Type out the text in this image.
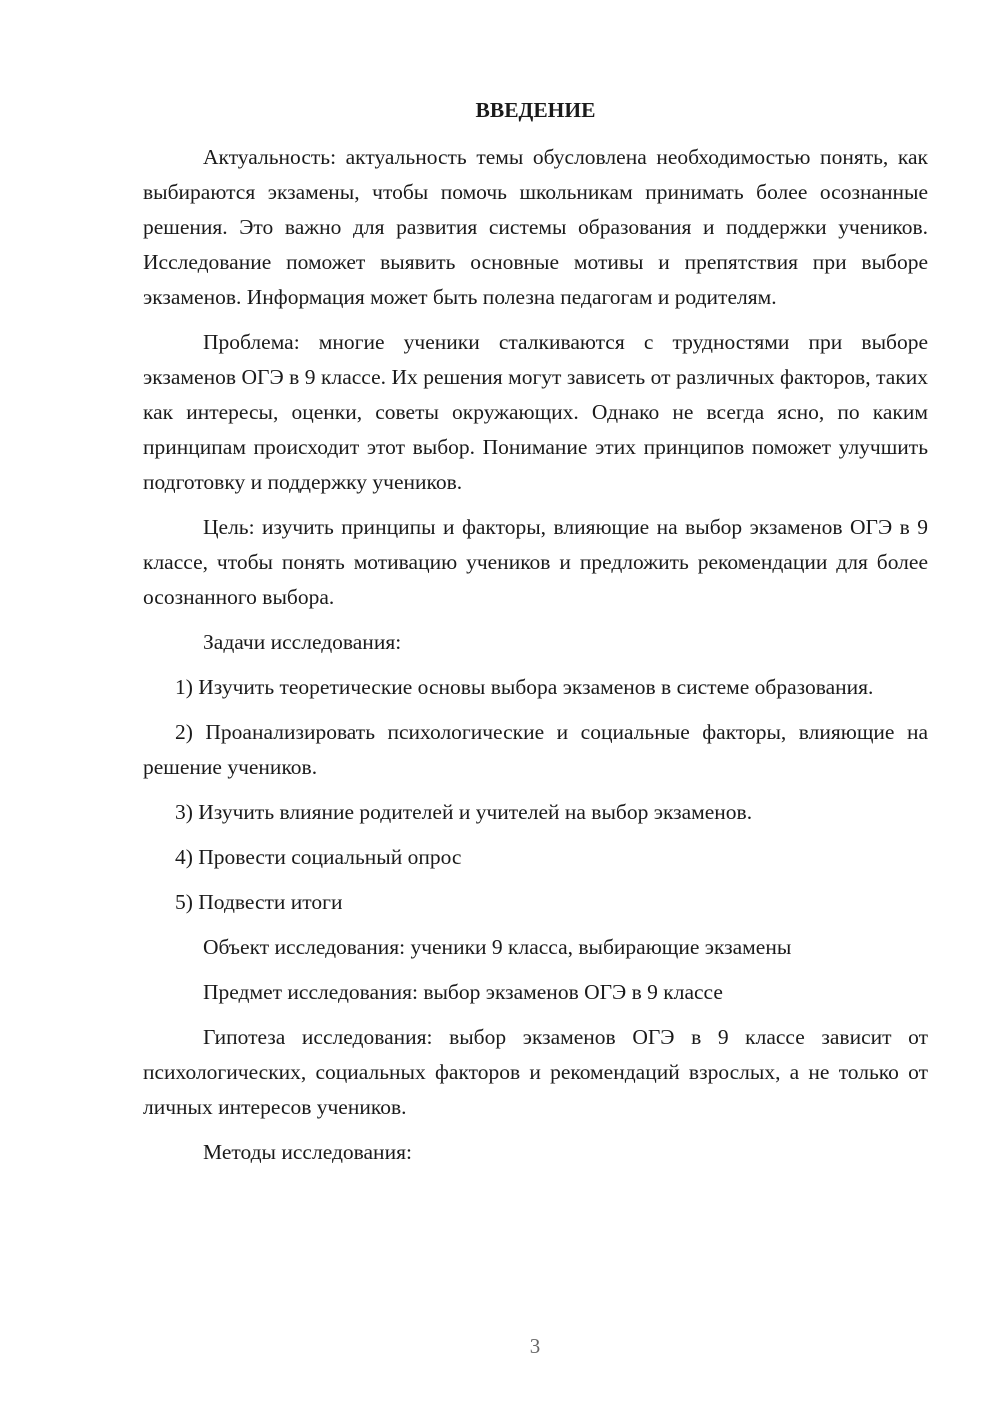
ВВЕДЕНИЕ

Актуальность: актуальность темы обусловлена необходимостью понять, как выбираются экзамены, чтобы помочь школьникам принимать более осознанные решения. Это важно для развития системы образования и поддержки учеников. Исследование поможет выявить основные мотивы и препятствия при выборе экзаменов. Информация может быть полезна педагогам и родителям.

Проблема: многие ученики сталкиваются с трудностями при выборе экзаменов ОГЭ в 9 классе. Их решения могут зависеть от различных факторов, таких как интересы, оценки, советы окружающих. Однако не всегда ясно, по каким принципам происходит этот выбор. Понимание этих принципов поможет улучшить подготовку и поддержку учеников.

Цель: изучить принципы и факторы, влияющие на выбор экзаменов ОГЭ в 9 классе, чтобы понять мотивацию учеников и предложить рекомендации для более осознанного выбора.

Задачи исследования:

1) Изучить теоретические основы выбора экзаменов в системе образования.

2) Проанализировать психологические и социальные факторы, влияющие на решение учеников.

3) Изучить влияние родителей и учителей на выбор экзаменов.

4) Провести социальный опрос

5) Подвести итоги

Объект исследования: ученики 9 класса, выбирающие экзамены

Предмет исследования: выбор экзаменов ОГЭ в 9 классе

Гипотеза исследования: выбор экзаменов ОГЭ в 9 классе зависит от психологических, социальных факторов и рекомендаций взрослых, а не только от личных интересов учеников.

Методы исследования:

3
